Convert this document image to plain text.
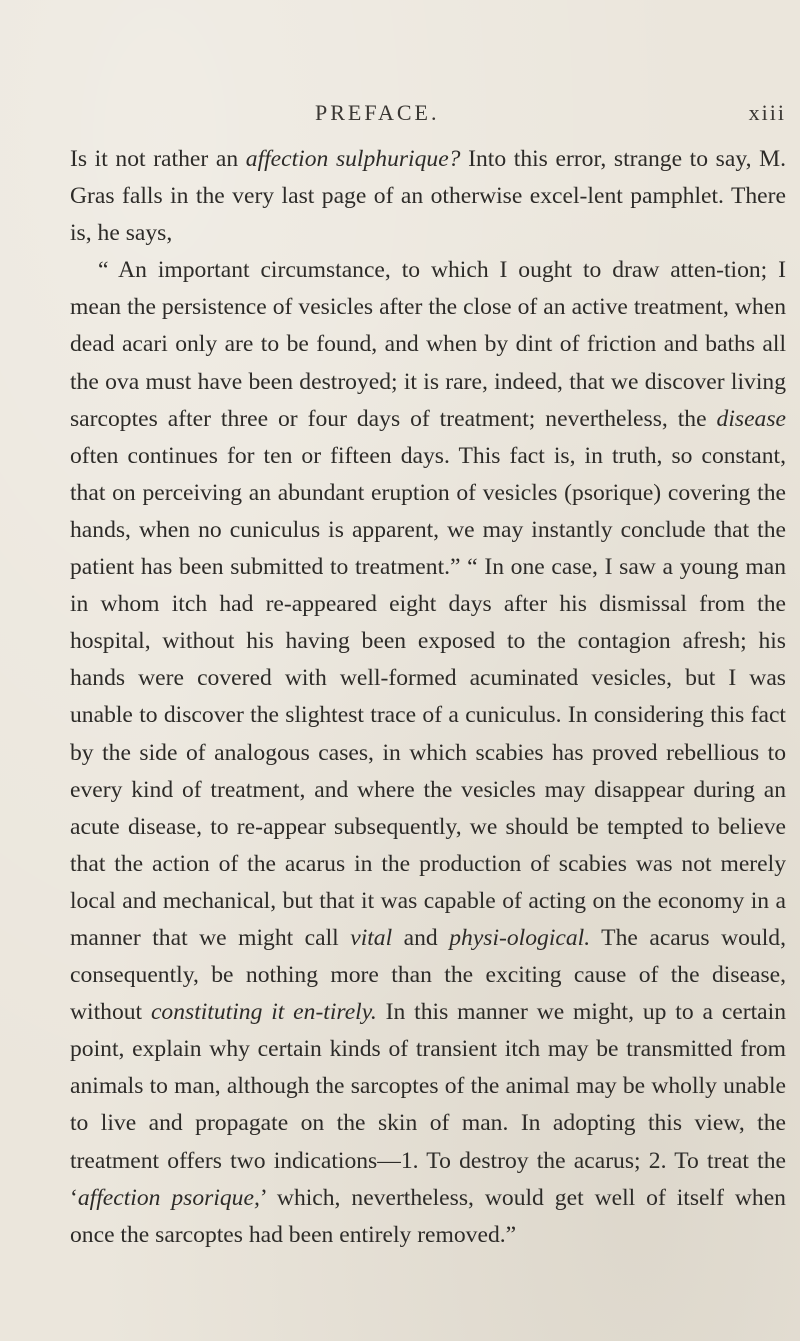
PREFACE.	xiii

Is it not rather an affection sulphurique? Into this error, strange to say, M. Gras falls in the very last page of an otherwise excel-lent pamphlet. There is, he says,

“ An important circumstance, to which I ought to draw atten-tion; I mean the persistence of vesicles after the close of an active treatment, when dead acari only are to be found, and when by dint of friction and baths all the ova must have been destroyed; it is rare, indeed, that we discover living sarcoptes after three or four days of treatment; nevertheless, the disease often continues for ten or fifteen days. This fact is, in truth, so constant, that on perceiving an abundant eruption of vesicles (psorique) covering the hands, when no cuniculus is apparent, we may instantly conclude that the patient has been submitted to treatment.” “ In one case, I saw a young man in whom itch had re-appeared eight days after his dismissal from the hospital, without his having been exposed to the contagion afresh; his hands were covered with well-formed acuminated vesicles, but I was unable to discover the slightest trace of a cuniculus. In considering this fact by the side of analogous cases, in which scabies has proved rebellious to every kind of treatment, and where the vesicles may disappear during an acute disease, to re-appear subsequently, we should be tempted to believe that the action of the acarus in the production of scabies was not merely local and mechanical, but that it was capable of acting on the economy in a manner that we might call vital and physi-ological. The acarus would, consequently, be nothing more than the exciting cause of the disease, without constituting it en-tirely. In this manner we might, up to a certain point, explain why certain kinds of transient itch may be transmitted from animals to man, although the sarcoptes of the animal may be wholly unable to live and propagate on the skin of man. In adopting this view, the treatment offers two indications—1. To destroy the acarus; 2. To treat the ‘affection psorique,’ which, nevertheless, would get well of itself when once the sarcoptes had been entirely removed.”
